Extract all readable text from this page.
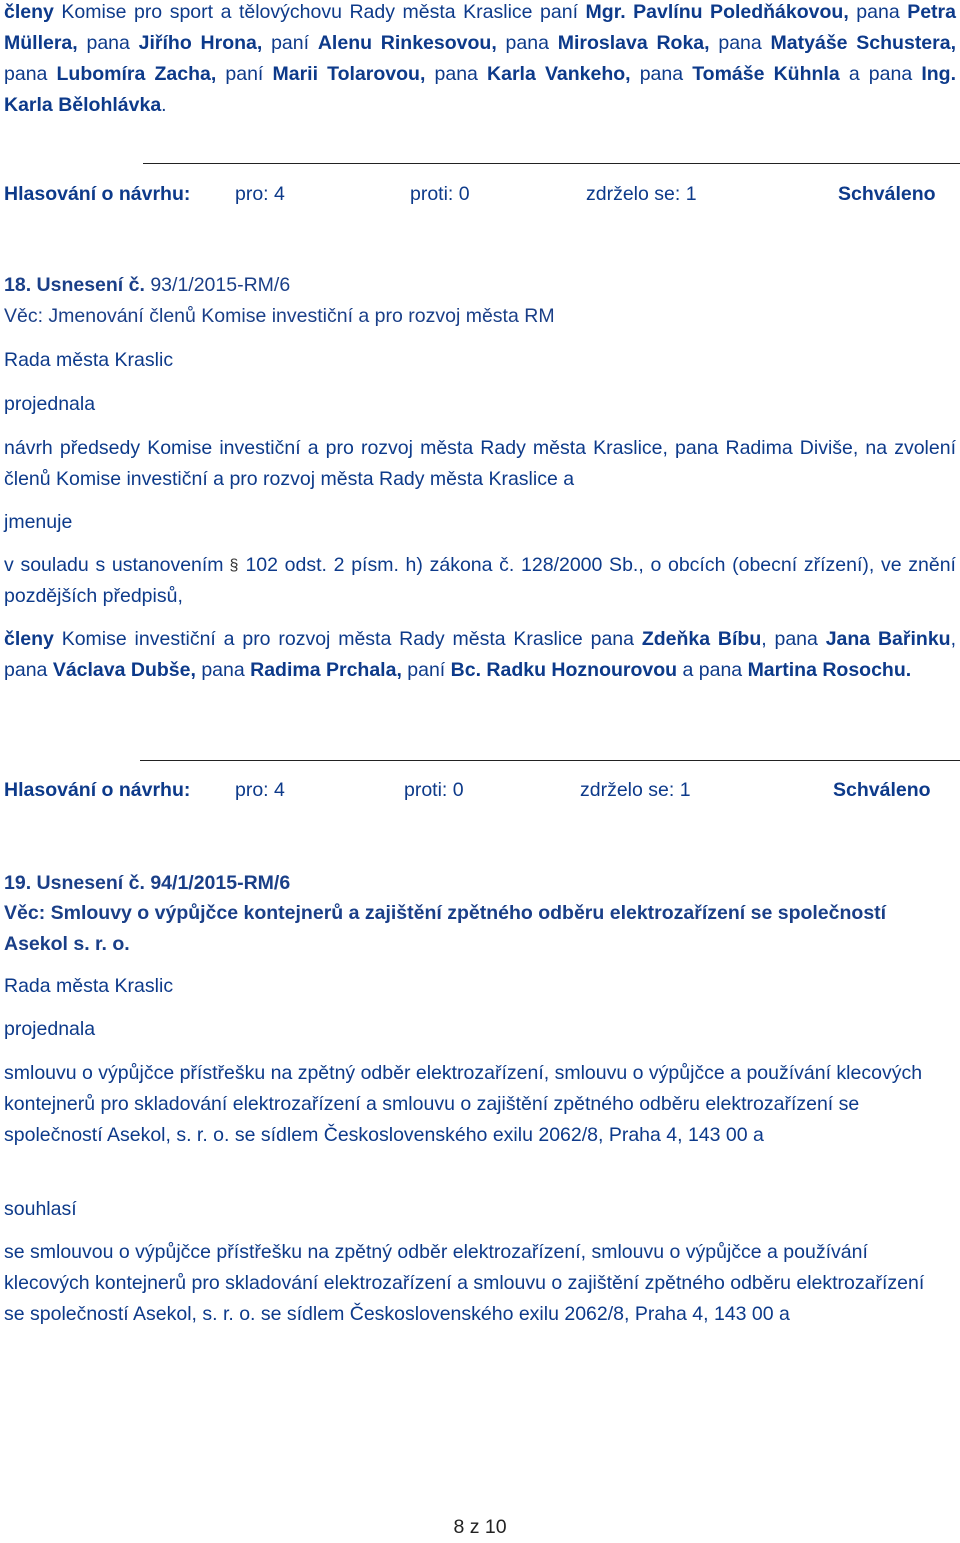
členy Komise pro sport a tělovýchovu Rady města Kraslice paní Mgr. Pavlínu Poledňákovou, pana Petra Müllera, pana Jiřího Hrona, paní Alenu Rinkesovou, pana Miroslava Roka, pana Matyáše Schustera, pana Lubomíra Zacha, paní Marii Tolarovou, pana Karla Vankeho, pana Tomáše Kühnla a pana Ing. Karla Bělohlávka.

Hlasování o návrhu: pro: 4	proti: 0	zdrželo se: 1	Schváleno
18. Usnesení č. 93/1/2015-RM/6
Věc: Jmenování členů Komise investiční a pro rozvoj města RM
Rada města Kraslic
projednala

návrh předsedy Komise investiční a pro rozvoj města Rady města Kraslice, pana Radima Diviše, na zvolení členů Komise investiční a pro rozvoj města Rady města Kraslice a

jmenuje

v souladu s ustanovením § 102 odst. 2 písm. h) zákona č. 128/2000 Sb., o obcích (obecní zřízení), ve znění pozdějších předpisů,

členy Komise investiční a pro rozvoj města Rady města Kraslice pana Zdeňka Bíbu, pana Jana Bařinku, pana Václava Dubše, pana Radima Prchala, paní Bc. Radku Hoznourovou a pana Martina Rosochu.

Hlasování o návrhu: pro: 4	proti: 0	zdrželo se: 1	Schváleno
19. Usnesení č. 94/1/2015-RM/6

Věc: Smlouvy o výpůjčce kontejnerů a zajištění zpětného odběru elektrozařízení se společností Asekol s. r. o.

Rada města Kraslic
projednala

smlouvu o výpůjčce přístřešku na zpětný odběr elektrozařízení, smlouvu o výpůjčce a používání klecových kontejnerů pro skladování elektrozařízení a smlouvu o zajištění zpětného odběru elektrozařízení se společností Asekol, s. r. o. se sídlem Československého exilu 2062/8, Praha 4, 143 00 a

souhlasí

se smlouvou o výpůjčce přístřešku na zpětný odběr elektrozařízení, smlouvu o výpůjčce a používání klecových kontejnerů pro skladování elektrozařízení a smlouvu o zajištění zpětného odběru elektrozařízení se společností Asekol, s. r. o. se sídlem Československého exilu 2062/8, Praha 4, 143 00 a

8 z 10
